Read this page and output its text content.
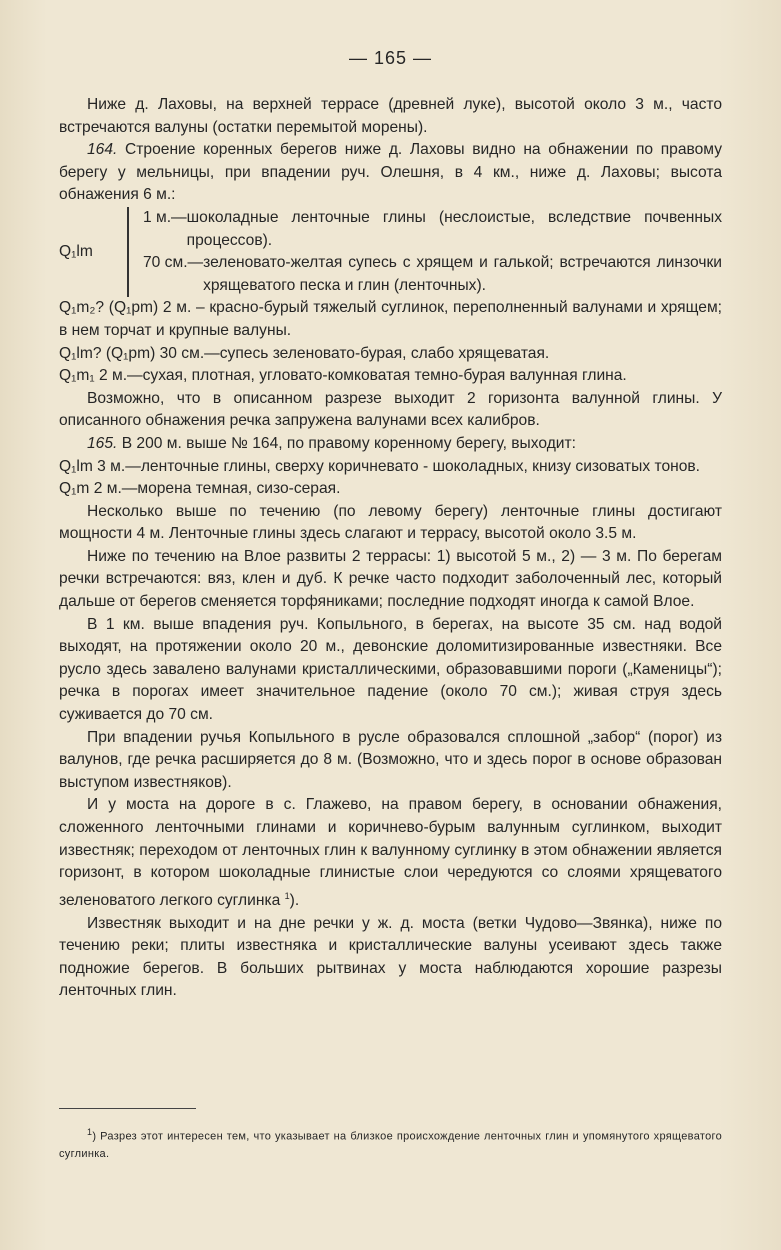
— 165 —

Ниже д. Лаховы, на верхней террасе (древней луке), высотой около 3 м., часто встречаются валуны (остатки перемытой морены).

164. Строение коренных берегов ниже д. Лаховы видно на обнажении по правому берегу у мельницы, при впадении руч. Олешня, в 4 км., ниже д. Лаховы; высота обнажения 6 м.:

Q₁lm
1 м.— шоколадные ленточные глины (неслоистые, вследствие почвенных процессов).
70 см.— зеленовато-желтая супесь с хрящем и галькой; встречаются линзочки хрящеватого песка и глин (ленточных).

Q₁m₂? (Q₁pm) 2 м. – красно-бурый тяжелый суглинок, переполненный валунами и хрящем; в нем торчат и крупные валуны.

Q₁lm? (Q₁pm) 30 см.—супесь зеленовато-бурая, слабо хрящеватая.

Q₁m₁ 2 м.—сухая, плотная, угловато-комковатая темно-бурая валунная глина.

Возможно, что в описанном разрезе выходит 2 горизонта валунной глины. У описанного обнажения речка запружена валунами всех калибров.

165. В 200 м. выше № 164, по правому коренному берегу, выходит:

Q₁lm 3 м.—ленточные глины, сверху коричневато - шоколадных, книзу сизоватых тонов.

Q₁m 2 м.—морена темная, сизо-серая.

Несколько выше по течению (по левому берегу) ленточные глины достигают мощности 4 м. Ленточные глины здесь слагают и террасу, высотой около 3.5 м.

Ниже по течению на Влое развиты 2 террасы: 1) высотой 5 м., 2) — 3 м. По берегам речки встречаются: вяз, клен и дуб. К речке часто подходит заболоченный лес, который дальше от берегов сменяется торфяниками; последние подходят иногда к самой Влое.

В 1 км. выше впадения руч. Копыльного, в берегах, на высоте 35 см. над водой выходят, на протяжении около 20 м., девонские доломитизированные известняки. Все русло здесь завалено валунами кристаллическими, образовавшими пороги („Каменицы“); речка в порогах имеет значительное падение (около 70 см.); живая струя здесь суживается до 70 см.

При впадении ручья Копыльного в русле образовался сплошной „забор“ (порог) из валунов, где речка расширяется до 8 м. (Возможно, что и здесь порог в основе образован выступом известняков).

И у моста на дороге в с. Глажево, на правом берегу, в основании обнажения, сложенного ленточными глинами и коричнево-бурым валунным суглинком, выходит известняк; переходом от ленточных глин к валунному суглинку в этом обнажении является горизонт, в котором шоколадные глинистые слои чередуются со слоями хрящеватого зеленоватого легкого суглинка $^1$).

Известняк выходит и на дне речки у ж. д. моста (ветки Чудово—Звянка), ниже по течению реки; плиты известняка и кристаллические валуны усеивают здесь также подножие берегов. В больших рытвинах у моста наблюдаются хорошие разрезы ленточных глин.

$^1$) Разрез этот интересен тем, что указывает на близкое происхождение ленточных глин и упомянутого хрящеватого суглинка.
